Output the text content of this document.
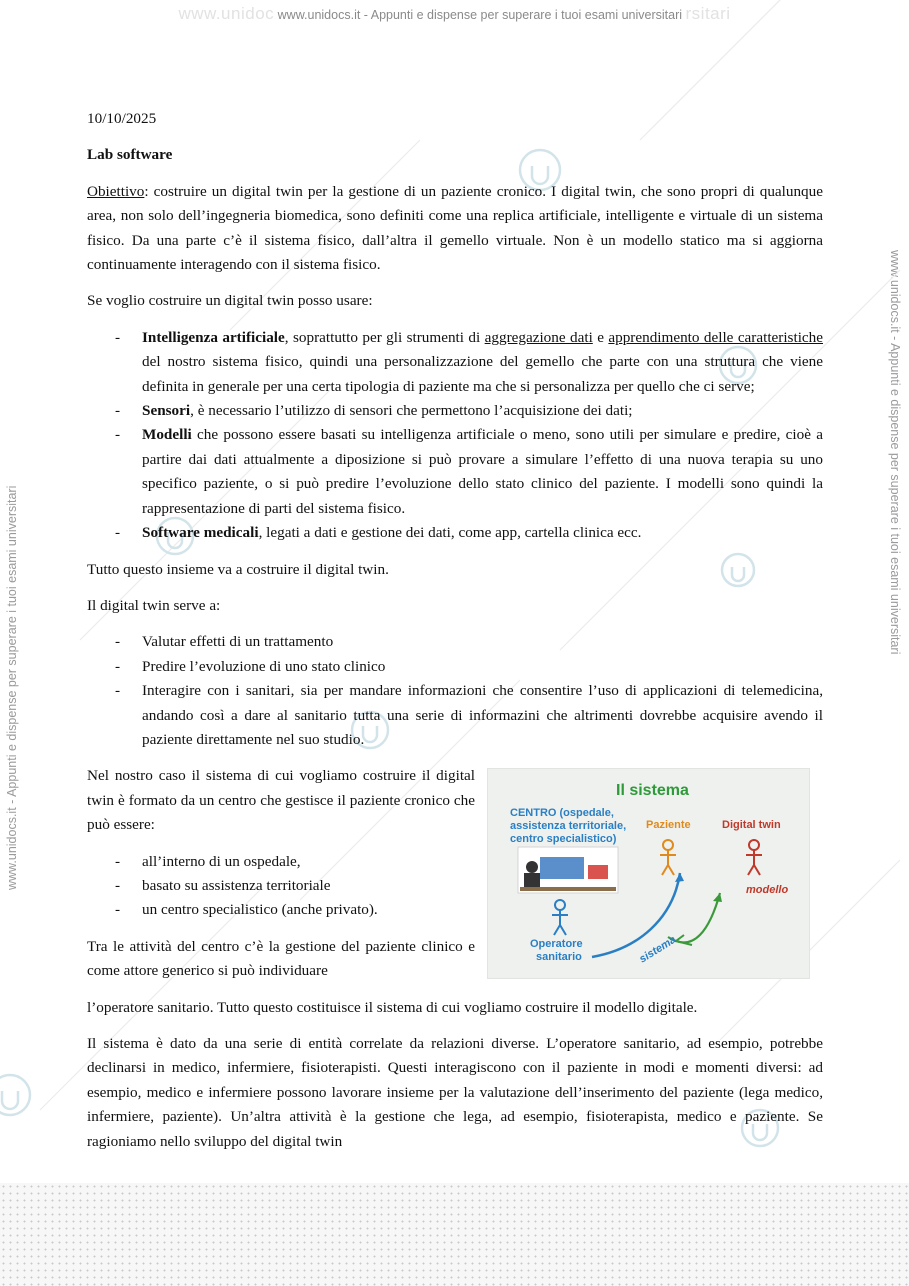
www.unidoc www.unidocs.it - Appunti e dispense per superare i tuoi esami universitari rsitari
www.unidocs.it - Appunti e dispense per superare i tuoi esami universitari
www.unidocs.it - Appunti e dispense per superare i tuoi esami universitari
10/10/2025
Lab software

Obiettivo: costruire un digital twin per la gestione di un paziente cronico. I digital twin, che sono propri di qualunque area, non solo dell’ingegneria biomedica, sono definiti come una replica artificiale, intelligente e virtuale di un sistema fisico. Da una parte c’è il sistema fisico, dall’altra il gemello virtuale. Non è un modello statico ma si aggiorna continuamente interagendo con il sistema fisico.

Se voglio costruire un digital twin posso usare:

- Intelligenza artificiale, soprattutto per gli strumenti di aggregazione dati e apprendimento delle caratteristiche del nostro sistema fisico, quindi una personalizzazione del gemello che parte con una struttura che viene definita in generale per una certa tipologia di paziente ma che si personalizza per quello che ci serve;
- Sensori, è necessario l’utilizzo di sensori che permettono l’acquisizione dei dati;
- Modelli che possono essere basati su intelligenza artificiale o meno, sono utili per simulare e predire, cioè a partire dai dati attualmente a diposizione si può provare a simulare l’effetto di una nuova terapia su uno specifico paziente, o si può predire l’evoluzione dello stato clinico del paziente. I modelli sono quindi la rappresentazione di parti del sistema fisico.
- Software medicali, legati a dati e gestione dei dati, come app, cartella clinica ecc.

Tutto questo insieme va a costruire il digital twin.

Il digital twin serve a:

- Valutar effetti di un trattamento
- Predire l’evoluzione di uno stato clinico
- Interagire con i sanitari, sia per mandare informazioni che consentire l’uso di applicazioni di telemedicina, andando così a dare al sanitario tutta una serie di informazini che altrimenti dovrebbe acquisire avendo il paziente direttamente nel suo studio.

Nel nostro caso il sistema di cui vogliamo costruire il digital twin è formato da un centro che gestisce il paziente cronico che può essere:

- all’interno di un ospedale,
- basato su assistenza territoriale
- un centro specialistico (anche privato).

Tra le attività del centro c’è la gestione del paziente clinico e come attore generico si può individuare

Il sistema
CENTRO (ospedale,
assistenza territoriale,
centro specialistico)
Paziente	Digital twin
modello
Operatore
sanitario	sistema

l’operatore sanitario. Tutto questo costituisce il sistema di cui vogliamo costruire il modello digitale.

Il sistema è dato da una serie di entità correlate da relazioni diverse. L’operatore sanitario, ad esempio, potrebbe declinarsi in medico, infermiere, fisioterapisti. Questi interagiscono con il paziente in modi e momenti diversi: ad esempio, medico e infermiere possono lavorare insieme per la valutazione dell’inserimento del paziente (lega medico, infermiere, paziente). Un’altra attività è la gestione che lega, ad esempio, fisioterapista, medico e paziente. Se ragioniamo nello sviluppo del digital twin
